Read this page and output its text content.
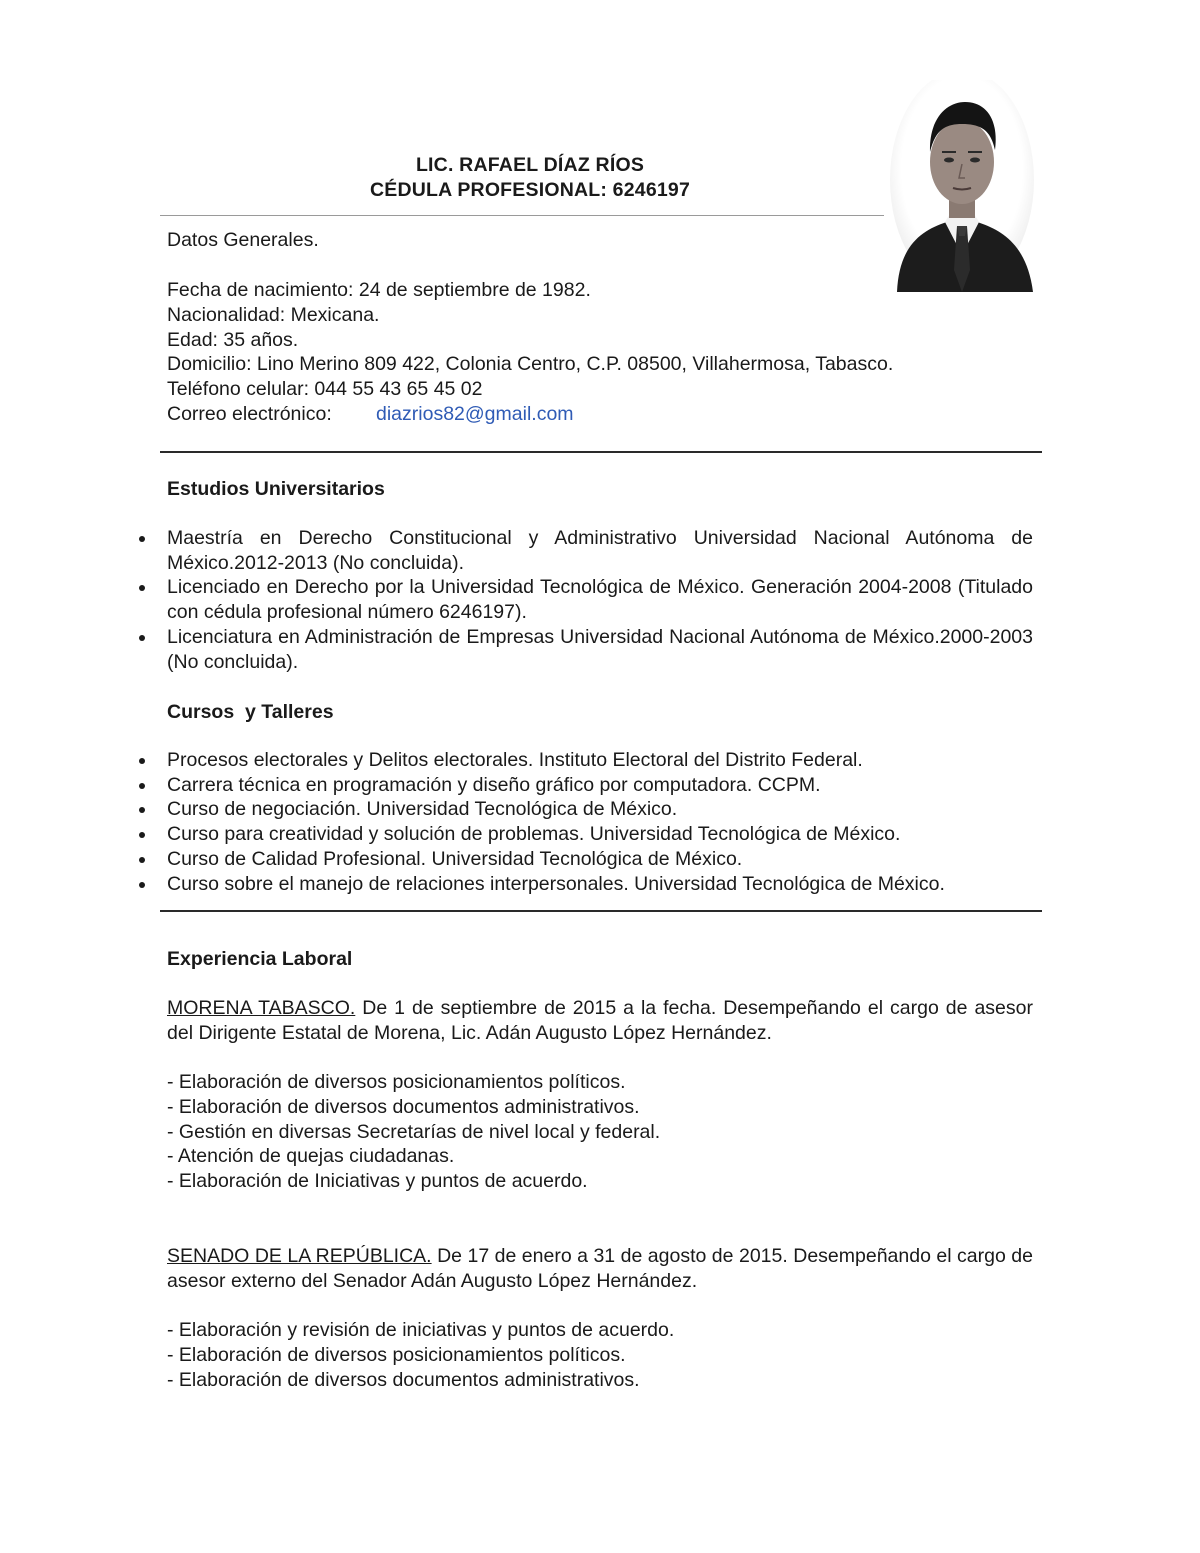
LIC. RAFAEL DÍAZ RÍOS
CÉDULA PROFESIONAL: 6246197
Datos Generales.
Fecha de nacimiento: 24 de septiembre de 1982.
Nacionalidad: Mexicana.
Edad: 35 años.
Domicilio: Lino Merino 809 422, Colonia Centro, C.P. 08500, Villahermosa, Tabasco.
Teléfono celular: 044 55 43 65 45 02
Correo electrónico: diazrios82@gmail.com
Estudios Universitarios
Maestría en Derecho Constitucional y Administrativo Universidad Nacional Autónoma de México.2012-2013 (No concluida).
Licenciado en Derecho por la Universidad Tecnológica de México. Generación 2004-2008 (Titulado con cédula profesional número 6246197).
Licenciatura en Administración de Empresas Universidad Nacional Autónoma de México.2000-2003 (No concluida).
Cursos  y Talleres
Procesos electorales y Delitos electorales. Instituto Electoral del Distrito Federal.
Carrera técnica en programación y diseño gráfico por computadora. CCPM.
Curso de negociación. Universidad Tecnológica de México.
Curso para creatividad y solución de problemas. Universidad Tecnológica de México.
Curso de Calidad Profesional. Universidad Tecnológica de México.
Curso sobre el manejo de relaciones interpersonales. Universidad Tecnológica de México.
Experiencia Laboral
MORENA TABASCO. De 1 de septiembre de 2015 a la fecha. Desempeñando el cargo de asesor del Dirigente Estatal de Morena, Lic. Adán Augusto López Hernández.
- Elaboración de diversos posicionamientos políticos.
- Elaboración de diversos documentos administrativos.
- Gestión en diversas Secretarías de nivel local y federal.
- Atención de quejas ciudadanas.
- Elaboración de Iniciativas y puntos de acuerdo.
SENADO DE LA REPÚBLICA. De 17 de enero a 31 de agosto de 2015. Desempeñando el cargo de asesor externo del Senador Adán Augusto López Hernández.
- Elaboración y revisión de iniciativas y puntos de acuerdo.
- Elaboración de diversos posicionamientos políticos.
- Elaboración de diversos documentos administrativos.
